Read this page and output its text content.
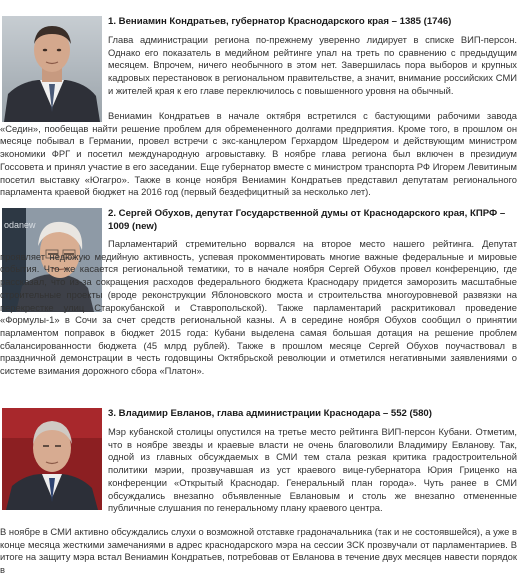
1. Вениамин Кондратьев, губернатор Краснодарского края – 1385 (1746)

Глава администрации региона по-прежнему уверенно лидирует в списке ВИП-персон. Однако его показатель в медийном рейтинге упал на треть по сравнению с предыдущим месяцем. Впрочем, ничего необычного в этом нет. Завершилась пора выборов и крупных кадровых перестановок в региональном правительстве, а значит, внимание российских СМИ и жителей края к его главе переключилось с повышенного уровня на обычный.

Вениамин Кондратьев в начале октября встретился с бастующими рабочими завода «Седин», пообещав найти решение проблем для обремененного долгами предприятия. Кроме того, в прошлом он месяце побывал в Германии, провел встречи с экс-канцлером Герхардом Шредером и действующим министром экономики ФРГ и посетил международную агровыставку. В ноябре глава региона был включен в президиум Госсовета и принял участие в его заседании. Еще губернатор вместе с министром транспорта РФ Игорем Левитиным посетил выставку «Югагро». Также в конце ноября Вениамин Кондратьев представил депутатам регионального парламента краевой бюджет на 2016 год (первый бездефицитный за несколько лет).

odanew
2. Сергей Обухов, депутат Государственной думы от Краснодарского края, КПРФ – 1009 (new)

Парламентарий стремительно ворвался на второе место нашего рейтинга. Депутат проявляет недюжую медийную активность, успевая прокомментировать многие важные федеральные и мировые события. Что же касается региональной тематики, то в начале ноября Сергей Обухов провел конференцию, где рассказал, что из-за сокращения расходов федерального бюджета Краснодару придется заморозить масштабные строительные проекты (вроде реконструкции Яблоновского моста и строительства многоуровневой развязки на перекрестке улиц Старокубанской и Ставропольской). Также парламентарий раскритиковал проведение «Формулы-1» в Сочи за счет средств региональной казны. А в середине ноября Обухов сообщил о принятии парламентом поправок в бюджет 2015 года: Кубани выделена самая большая дотация на решение проблем сбалансированности бюджета (45 млрд рублей). Также в прошлом месяце Сергей Обухов поучаствовал в праздничной демонстрации в честь годовщины Октябрьской революции и отметился негативными заявлениями о системе взимания дорожного сбора «Платон».

3. Владимир Евланов, глава администрации Краснодара – 552 (580)

Мэр кубанской столицы опустился на третье место рейтинга ВИП-персон Кубани. Отметим, что в ноябре звезды и краевые власти не очень благоволили Владимиру Евланову. Так, одной из главных обсуждаемых в СМИ тем стала резкая критика градостроительной политики мэрии, прозвучавшая из уст краевого вице-губернатора Юрия Гриценко на конференции «Открытый Краснодар. Генеральный план города». Чуть ранее в СМИ обсуждались внезапно объявленные Евлановым и столь же внезапно отмененные публичные слушания по генеральному плану краевого центра.

В ноябре в СМИ активно обсуждались слухи о возможной отставке градоначальника (так и не состоявшейся), а уже в конце месяца жесткими замечаниями в адрес краснодарского мэра на сессии ЗСК прозвучали от парламентариев. В итоге на защиту мэра встал Вениамин Кондратьев, потребовав от Евланова в течение двух месяцев навести порядок в
